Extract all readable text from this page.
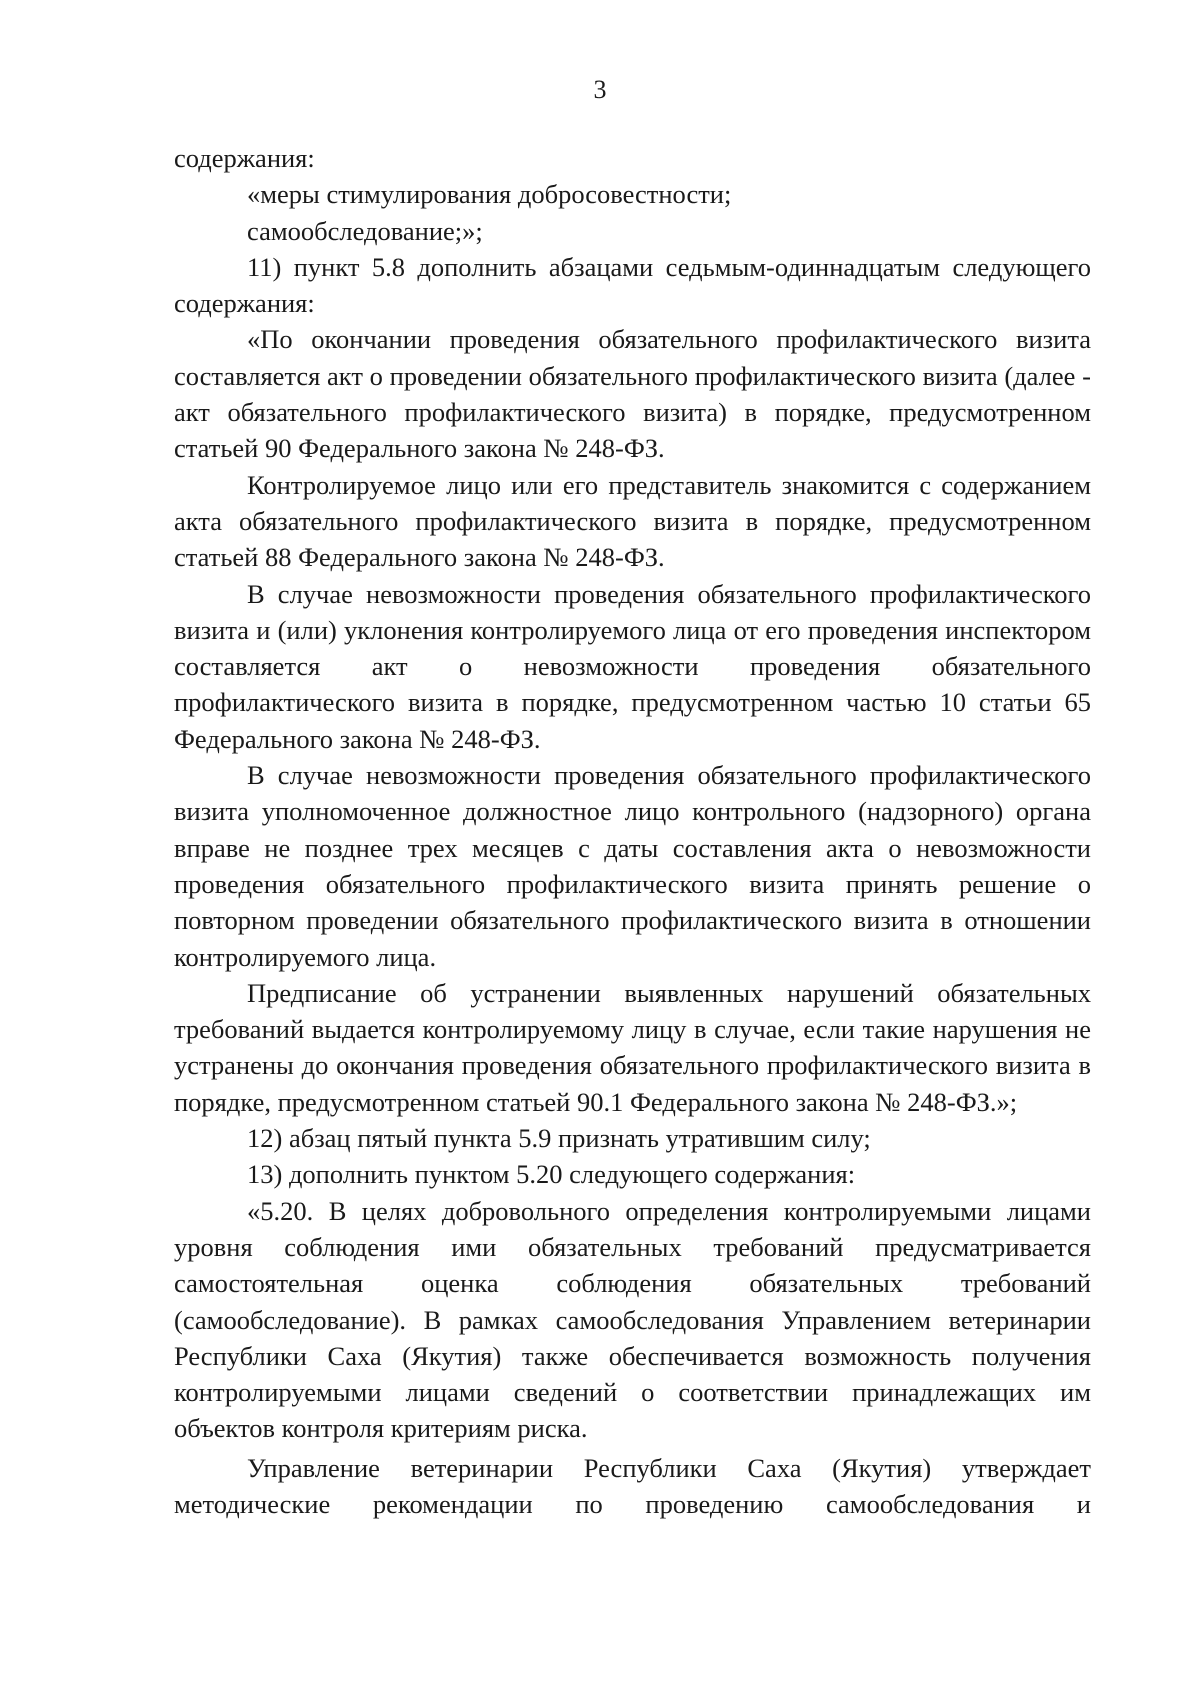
3

содержания:

«меры стимулирования добросовестности;

самообследование;»;

11) пункт 5.8 дополнить абзацами седьмым-одиннадцатым следующего содержания:

«По окончании проведения обязательного профилактического визита составляется акт о проведении обязательного профилактического визита (далее - акт обязательного профилактического визита) в порядке, предусмотренном статьей 90 Федерального закона № 248-ФЗ.

Контролируемое лицо или его представитель знакомится с содержанием акта обязательного профилактического визита в порядке, предусмотренном статьей 88 Федерального закона № 248-ФЗ.

В случае невозможности проведения обязательного профилактического визита и (или) уклонения контролируемого лица от его проведения инспектором составляется акт о невозможности проведения обязательного профилактического визита в порядке, предусмотренном частью 10 статьи 65 Федерального закона № 248-ФЗ.

В случае невозможности проведения обязательного профилактического визита уполномоченное должностное лицо контрольного (надзорного) органа вправе не позднее трех месяцев с даты составления акта о невозможности проведения обязательного профилактического визита принять решение о повторном проведении обязательного профилактического визита в отношении контролируемого лица.

Предписание об устранении выявленных нарушений обязательных требований выдается контролируемому лицу в случае, если такие нарушения не устранены до окончания проведения обязательного профилактического визита в порядке, предусмотренном статьей 90.1 Федерального закона № 248-ФЗ.»;

12) абзац пятый пункта 5.9 признать утратившим силу;

13) дополнить пунктом 5.20 следующего содержания:

«5.20. В целях добровольного определения контролируемыми лицами уровня соблюдения ими обязательных требований предусматривается самостоятельная оценка соблюдения обязательных требований (самообследование). В рамках самообследования Управлением ветеринарии Республики Саха (Якутия) также обеспечивается возможность получения контролируемыми лицами сведений о соответствии принадлежащих им объектов контроля критериям риска.

Управление ветеринарии Республики Саха (Якутия) утверждает методические рекомендации по проведению самообследования и
